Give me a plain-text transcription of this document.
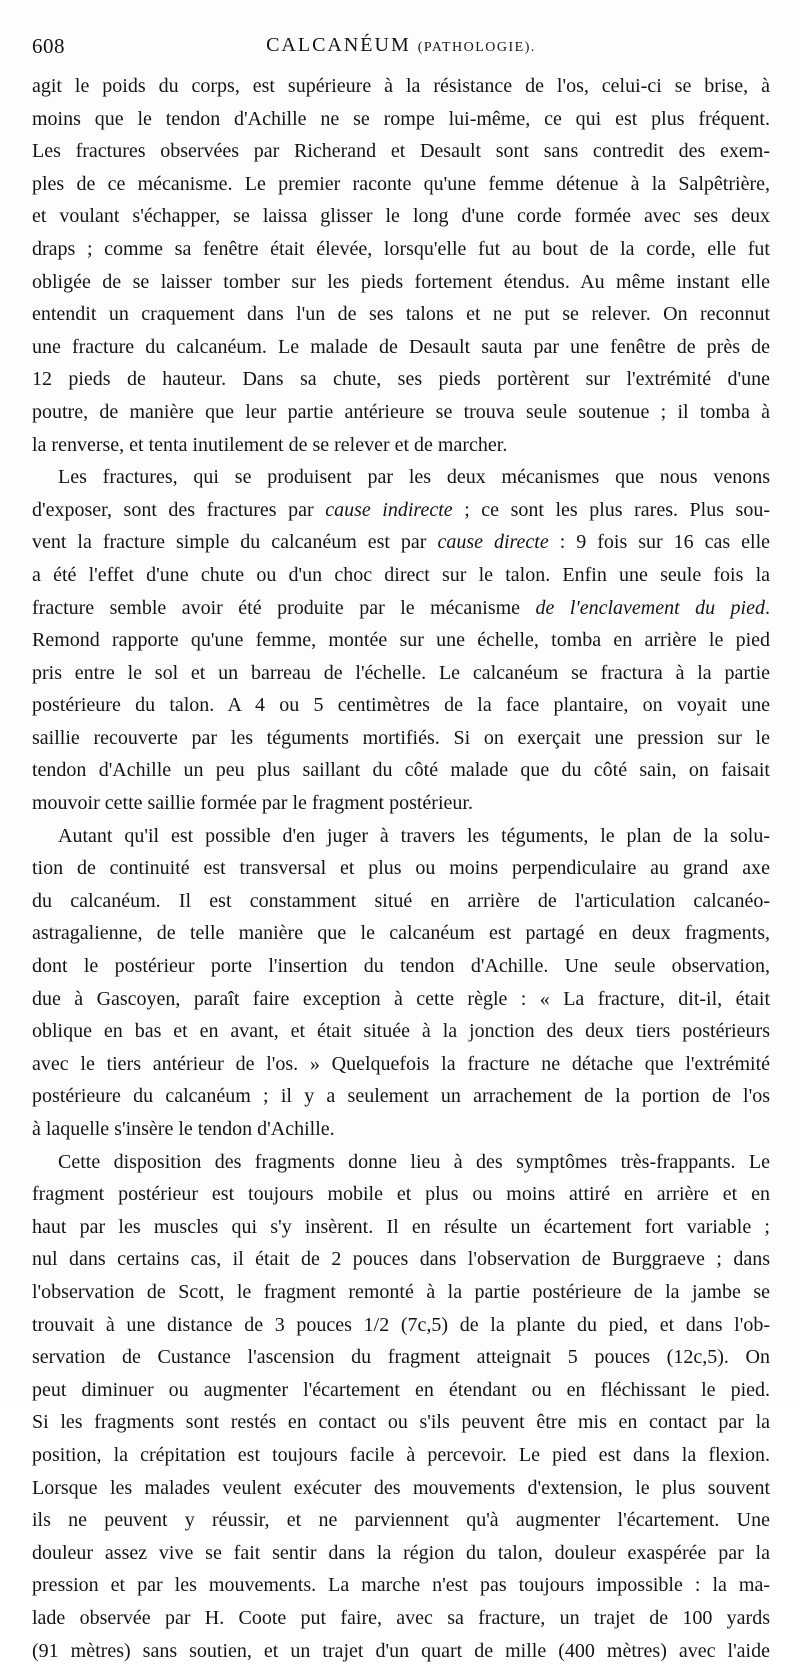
608	CALCANÉUM (PATHOLOGIE).
agit le poids du corps, est supérieure à la résistance de l'os, celui-ci se brise, à
moins que le tendon d'Achille ne se rompe lui-même, ce qui est plus fréquent.
Les fractures observées par Richerand et Desault sont sans contredit des exem-
ples de ce mécanisme. Le premier raconte qu'une femme détenue à la Salpêtrière,
et voulant s'échapper, se laissa glisser le long d'une corde formée avec ses deux
draps ; comme sa fenêtre était élevée, lorsqu'elle fut au bout de la corde, elle fut
obligée de se laisser tomber sur les pieds fortement étendus. Au même instant elle
entendit un craquement dans l'un de ses talons et ne put se relever. On reconnut
une fracture du calcanéum. Le malade de Desault sauta par une fenêtre de près de
12 pieds de hauteur. Dans sa chute, ses pieds portèrent sur l'extrémité d'une
poutre, de manière que leur partie antérieure se trouva seule soutenue ; il tomba à
la renverse, et tenta inutilement de se relever et de marcher.
Les fractures, qui se produisent par les deux mécanismes que nous venons
d'exposer, sont des fractures par cause indirecte ; ce sont les plus rares. Plus sou-
vent la fracture simple du calcanéum est par cause directe : 9 fois sur 16 cas elle
a été l'effet d'une chute ou d'un choc direct sur le talon. Enfin une seule fois la
fracture semble avoir été produite par le mécanisme de l'enclavement du pied.
Remond rapporte qu'une femme, montée sur une échelle, tomba en arrière le pied
pris entre le sol et un barreau de l'échelle. Le calcanéum se fractura à la partie
postérieure du talon. A 4 ou 5 centimètres de la face plantaire, on voyait une
saillie recouverte par les téguments mortifiés. Si on exerçait une pression sur le
tendon d'Achille un peu plus saillant du côté malade que du côté sain, on faisait
mouvoir cette saillie formée par le fragment postérieur.
Autant qu'il est possible d'en juger à travers les téguments, le plan de la solu-
tion de continuité est transversal et plus ou moins perpendiculaire au grand axe
du calcanéum. Il est constamment situé en arrière de l'articulation calcanéo-
astragalienne, de telle manière que le calcanéum est partagé en deux fragments,
dont le postérieur porte l'insertion du tendon d'Achille. Une seule observation,
due à Gascoyen, paraît faire exception à cette règle : « La fracture, dit-il, était
oblique en bas et en avant, et était située à la jonction des deux tiers postérieurs
avec le tiers antérieur de l'os. » Quelquefois la fracture ne détache que l'extrémité
postérieure du calcanéum ; il y a seulement un arrachement de la portion de l'os
à laquelle s'insère le tendon d'Achille.
Cette disposition des fragments donne lieu à des symptômes très-frappants. Le
fragment postérieur est toujours mobile et plus ou moins attiré en arrière et en
haut par les muscles qui s'y insèrent. Il en résulte un écartement fort variable ;
nul dans certains cas, il était de 2 pouces dans l'observation de Burggraeve ; dans
l'observation de Scott, le fragment remonté à la partie postérieure de la jambe se
trouvait à une distance de 3 pouces 1/2 (7c,5) de la plante du pied, et dans l'ob-
servation de Custance l'ascension du fragment atteignait 5 pouces (12c,5). On
peut diminuer ou augmenter l'écartement en étendant ou en fléchissant le pied.
Si les fragments sont restés en contact ou s'ils peuvent être mis en contact par la
position, la crépitation est toujours facile à percevoir. Le pied est dans la flexion.
Lorsque les malades veulent exécuter des mouvements d'extension, le plus souvent
ils ne peuvent y réussir, et ne parviennent qu'à augmenter l'écartement. Une
douleur assez vive se fait sentir dans la région du talon, douleur exaspérée par la
pression et par les mouvements. La marche n'est pas toujours impossible : la ma-
lade observée par H. Coote put faire, avec sa fracture, un trajet de 100 yards
(91 mètres) sans soutien, et un trajet d'un quart de mille (400 mètres) avec l'aide
